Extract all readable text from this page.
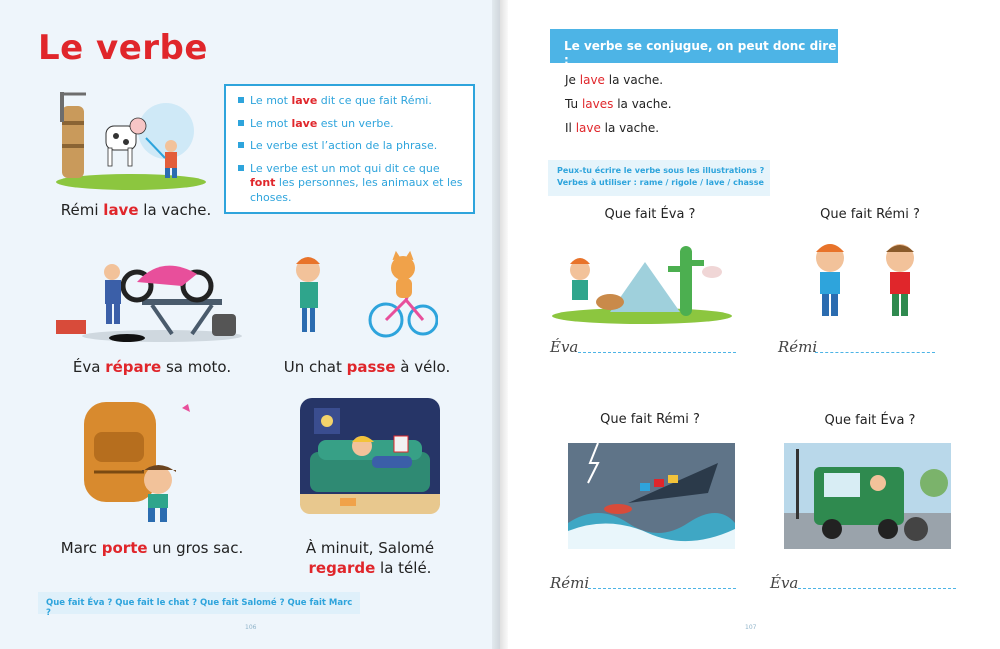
Le verbe
Rémi lave la vache.
Le mot lave dit ce que fait Rémi.
Le mot lave est un verbe.
Le verbe est l’action de la phrase.
Le verbe est un mot qui dit ce que font les personnes, les animaux et les choses.
Éva répare sa moto.	Un chat passe à vélo.
Marc porte un gros sac.	À minuit, Salomé
regarde la télé.
Que fait Éva ? Que fait le chat ? Que fait Salomé ? Que fait Marc ?
106
Le verbe se conjugue, on peut donc dire :
Je lave la vache.
Tu laves la vache.
Il lave la vache.
Peux-tu écrire le verbe sous les illustrations ?
Verbes à utiliser : rame / rigole / lave / chasse
Que fait Éva ?
Éva
Que fait Rémi ?
Rémi
Que fait Rémi ?
Rémi
Que fait Éva ?
Éva
107
